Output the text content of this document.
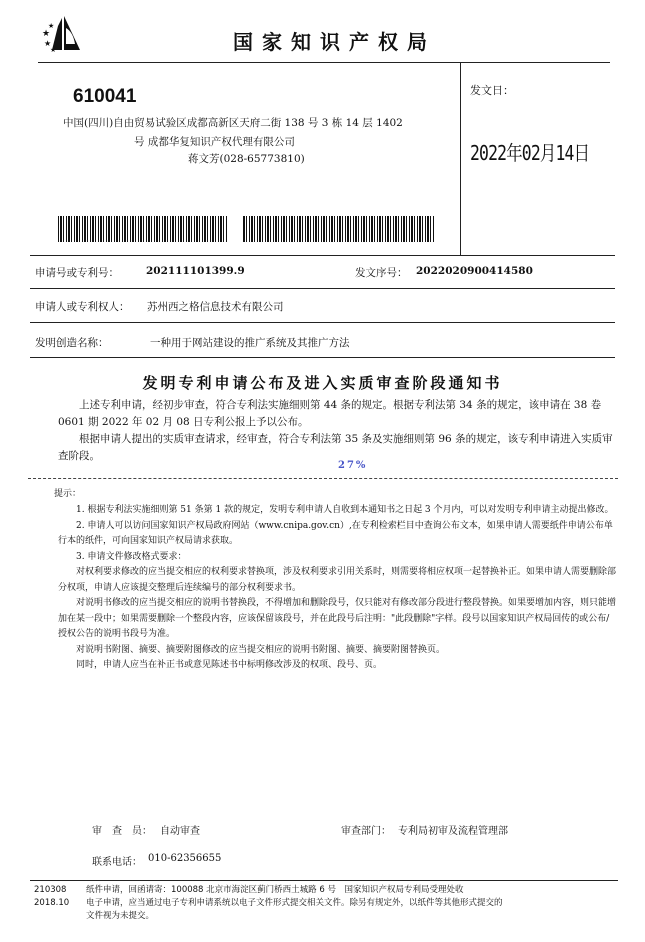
★
★
★
★
国家知识产权局
610041
中国(四川)自由贸易试验区成都高新区天府二街 138 号 3 栋 14 层 1402
号 成都华复知识产权代理有限公司
蒋文芳(028-65773810)
发文日：
2022年02月14日
申请号或专利号：	202111101399.9	发文序号： 2022020900414580
申请人或专利权人： 苏州西之格信息技术有限公司
发明创造名称：	一种用于网站建设的推广系统及其推广方法
发明专利申请公布及进入实质审查阶段通知书

上述专利申请，经初步审查，符合专利法实施细则第 44 条的规定。根据专利法第 34 条的规定，该申请在 38 卷 0601 期 2022 年 02 月 08 日专利公报上予以公布。

根据申请人提出的实质审查请求，经审查，符合专利法第 35 条及实施细则第 96 条的规定，该专利申请进入实质审查阶段。

27%

提示：

1. 根据专利法实施细则第 51 条第 1 款的规定，发明专利申请人自收到本通知书之日起 3 个月内，可以对发明专利申请主动提出修改。

2. 申请人可以访问国家知识产权局政府网站（www.cnipa.gov.cn）,在专利检索栏目中查询公布文本，如果申请人需要纸件申请公布单行本的纸件，可向国家知识产权局请求获取。

3. 申请文件修改格式要求：

对权利要求修改的应当提交相应的权利要求替换项，涉及权利要求引用关系时，则需要将相应权项一起替换补正。如果申请人需要删除部分权项，申请人应该提交整理后连续编号的部分权利要求书。

对说明书修改的应当提交相应的说明书替换段，不得增加和删除段号，仅只能对有修改部分段进行整段替换。如果要增加内容，则只能增加在某一段中；如果需要删除一个整段内容，应该保留该段号，并在此段号后注明："此段删除"字样。段号以国家知识产权局回传的或公布/授权公告的说明书段号为准。

对说明书附图、摘要、摘要附图修改的应当提交相应的说明书附图、摘要、摘要附图替换页。

同时，申请人应当在补正书或意见陈述书中标明修改涉及的权项、段号、页。

审　查　员： 自动审查	审查部门： 专利局初审及流程管理部
联系电话： 010-62356655
210308
2018.10
纸件申请，回函请寄：100088 北京市海淀区蓟门桥西土城路 6 号　国家知识产权局专利局受理处收
电子申请，应当通过电子专利申请系统以电子文件形式提交相关文件。除另有规定外，以纸件等其他形式提交的
文件视为未提交。
